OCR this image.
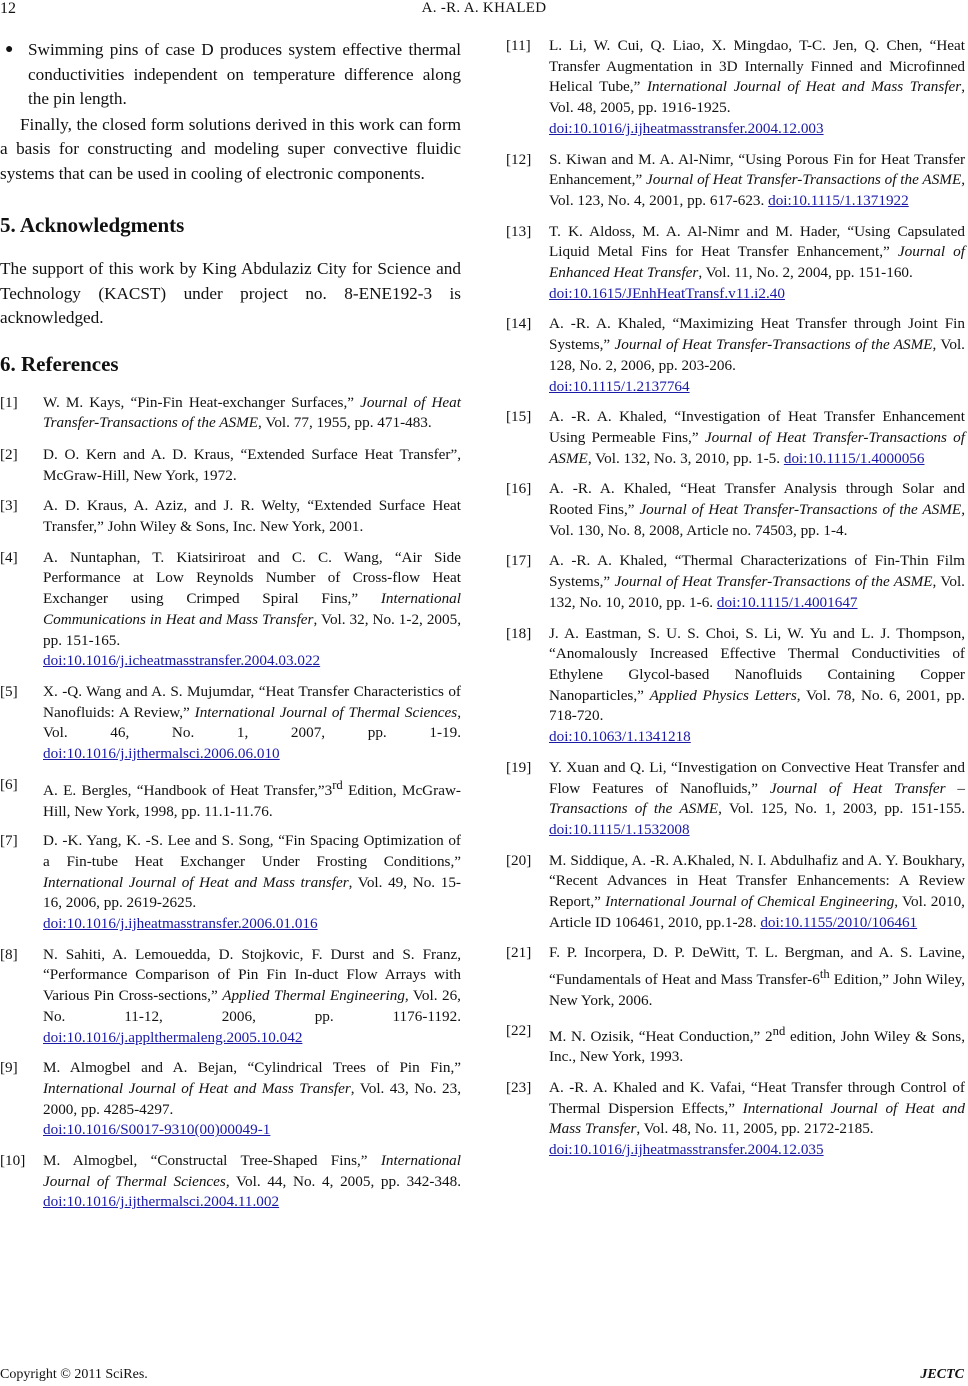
12	A. -R. A. KHALED
● Swimming pins of case D produces system effective thermal conductivities independent on temperature difference along the pin length.
Finally, the closed form solutions derived in this work can form a basis for constructing and modeling super convective fluidic systems that can be used in cooling of electronic components.
5. Acknowledgments
The support of this work by King Abdulaziz City for Science and Technology (KACST) under project no. 8-ENE192-3 is acknowledged.
6. References
[1] W. M. Kays, “Pin-Fin Heat-exchanger Surfaces,” Journal of Heat Transfer-Transactions of the ASME, Vol. 77, 1955, pp. 471-483.
[2] D. O. Kern and A. D. Kraus, “Extended Surface Heat Transfer”, McGraw-Hill, New York, 1972.
[3] A. D. Kraus, A. Aziz, and J. R. Welty, “Extended Surface Heat Transfer,” John Wiley & Sons, Inc. New York, 2001.
[4] A. Nuntaphan, T. Kiatsiriroat and C. C. Wang, “Air Side Performance at Low Reynolds Number of Cross-flow Heat Exchanger using Crimped Spiral Fins,” International Communications in Heat and Mass Transfer, Vol. 32, No. 1-2, 2005, pp. 151-165.
doi:10.1016/j.icheatmasstransfer.2004.03.022
[5] X. -Q. Wang and A. S. Mujumdar, “Heat Transfer Characteristics of Nanofluids: A Review,” International Journal of Thermal Sciences, Vol. 46, No. 1, 2007, pp. 1-19. doi:10.1016/j.ijthermalsci.2006.06.010
[6] A. E. Bergles, “Handbook of Heat Transfer,”3rd Edition, McGraw-Hill, New York, 1998, pp. 11.1-11.76.
[7] D. -K. Yang, K. -S. Lee and S. Song, “Fin Spacing Optimization of a Fin-tube Heat Exchanger Under Frosting Conditions,” International Journal of Heat and Mass transfer, Vol. 49, No. 15-16, 2006, pp. 2619-2625.
doi:10.1016/j.ijheatmasstransfer.2006.01.016
[8] N. Sahiti, A. Lemouedda, D. Stojkovic, F. Durst and S. Franz, “Performance Comparison of Pin Fin In-duct Flow Arrays with Various Pin Cross-sections,” Applied Thermal Engineering, Vol. 26, No. 11-12, 2006, pp. 1176-1192. doi:10.1016/j.applthermaleng.2005.10.042
[9] M. Almogbel and A. Bejan, “Cylindrical Trees of Pin Fin,” International Journal of Heat and Mass Transfer, Vol. 43, No. 23, 2000, pp. 4285-4297.
doi:10.1016/S0017-9310(00)00049-1
[10] M. Almogbel, “Constructal Tree-Shaped Fins,” International Journal of Thermal Sciences, Vol. 44, No. 4, 2005, pp. 342-348. doi:10.1016/j.ijthermalsci.2004.11.002
[11] L. Li, W. Cui, Q. Liao, X. Mingdao, T-C. Jen, Q. Chen, “Heat Transfer Augmentation in 3D Internally Finned and Microfinned Helical Tube,” International Journal of Heat and Mass Transfer, Vol. 48, 2005, pp. 1916-1925.
doi:10.1016/j.ijheatmasstransfer.2004.12.003
[12] S. Kiwan and M. A. Al-Nimr, “Using Porous Fin for Heat Transfer Enhancement,” Journal of Heat Transfer-Transactions of the ASME, Vol. 123, No. 4, 2001, pp. 617-623. doi:10.1115/1.1371922
[13] T. K. Aldoss, M. A. Al-Nimr and M. Hader, “Using Capsulated Liquid Metal Fins for Heat Transfer Enhancement,” Journal of Enhanced Heat Transfer, Vol. 11, No. 2, 2004, pp. 151-160.
doi:10.1615/JEnhHeatTransf.v11.i2.40
[14] A. -R. A. Khaled, “Maximizing Heat Transfer through Joint Fin Systems,” Journal of Heat Transfer-Transactions of the ASME, Vol. 128, No. 2, 2006, pp. 203-206.
doi:10.1115/1.2137764
[15] A. -R. A. Khaled, “Investigation of Heat Transfer Enhancement Using Permeable Fins,” Journal of Heat Transfer-Transactions of ASME, Vol. 132, No. 3, 2010, pp. 1-5. doi:10.1115/1.4000056
[16] A. -R. A. Khaled, “Heat Transfer Analysis through Solar and Rooted Fins,” Journal of Heat Transfer-Transactions of the ASME, Vol. 130, No. 8, 2008, Article no. 74503, pp. 1-4.
[17] A. -R. A. Khaled, “Thermal Characterizations of Fin-Thin Film Systems,” Journal of Heat Transfer-Transactions of the ASME, Vol. 132, No. 10, 2010, pp. 1-6. doi:10.1115/1.4001647
[18] J. A. Eastman, S. U. S. Choi, S. Li, W. Yu and L. J. Thompson, “Anomalously Increased Effective Thermal Conductivities of Ethylene Glycol-based Nanofluids Containing Copper Nanoparticles,” Applied Physics Letters, Vol. 78, No. 6, 2001, pp. 718-720.
doi:10.1063/1.1341218
[19] Y. Xuan and Q. Li, “Investigation on Convective Heat Transfer and Flow Features of Nanofluids,” Journal of Heat Transfer – Transactions of the ASME, Vol. 125, No. 1, 2003, pp. 151-155. doi:10.1115/1.1532008
[20] M. Siddique, A. -R. A.Khaled, N. I. Abdulhafiz and A. Y. Boukhary, “Recent Advances in Heat Transfer Enhancements: A Review Report,” International Journal of Chemical Engineering, Vol. 2010, Article ID 106461, 2010, pp.1-28. doi:10.1155/2010/106461
[21] F. P. Incorpera, D. P. DeWitt, T. L. Bergman, and A. S. Lavine, “Fundamentals of Heat and Mass Transfer-6th Edition,” John Wiley, New York, 2006.
[22] M. N. Ozisik, “Heat Conduction,” 2nd edition, John Wiley & Sons, Inc., New York, 1993.
[23] A. -R. A. Khaled and K. Vafai, “Heat Transfer through Control of Thermal Dispersion Effects,” International Journal of Heat and Mass Transfer, Vol. 48, No. 11, 2005, pp. 2172-2185.
doi:10.1016/j.ijheatmasstransfer.2004.12.035
Copyright © 2011 SciRes.	JECTC
